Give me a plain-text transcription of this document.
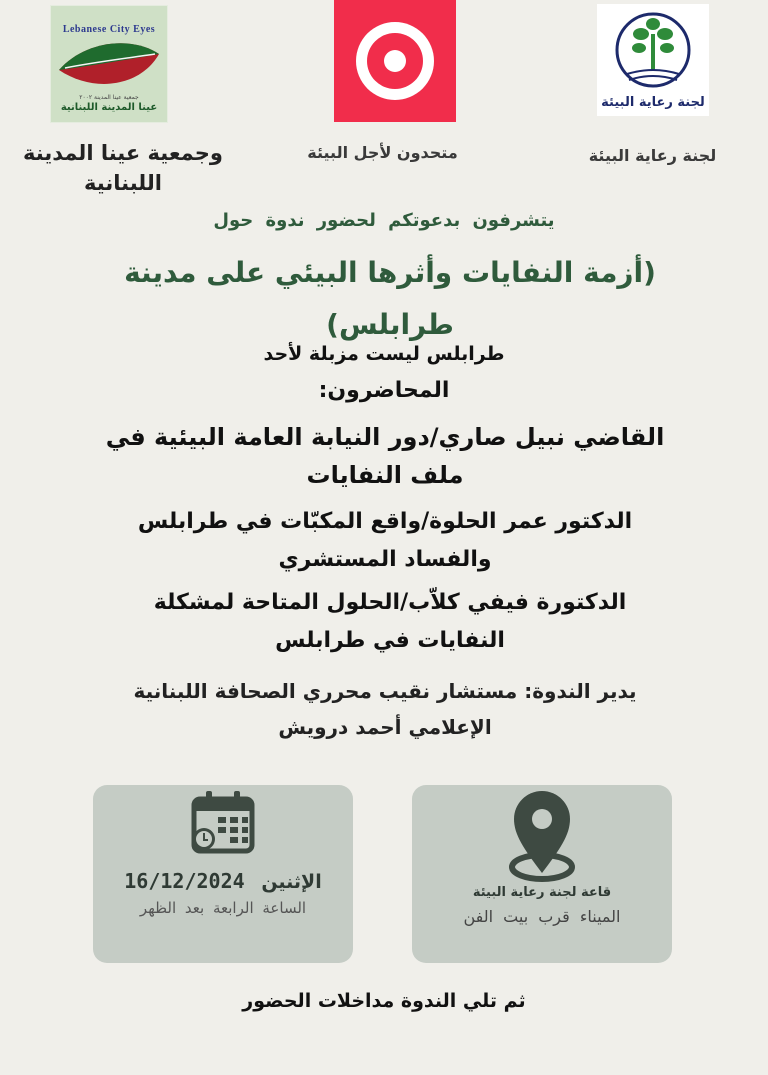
Lebanese City Eyes
جمعية عينا المدينة ٢٠٠٢
عينا المدينة اللبنانية	لجنة رعاية البيئة
وجمعية عينا المدينة اللبنانية
متحدون لأجل البيئة	لجنة رعاية البيئة
يتشرفون بدعوتكم لحضور ندوة حول
(أزمة النفايات وأثرها البيئي على مدينة طرابلس)
طرابلس ليست مزبلة لأحد
المحاضرون:
القاضي نبيل صاري/دور النيابة العامة البيئية في ملف النفايات
الدكتور عمر الحلوة/واقع المكبّات في طرابلس والفساد المستشري
الدكتورة فيفي كلاّب/الحلول المتاحة لمشكلة النفايات في طرابلس
يدير الندوة: مستشار نقيب محرري الصحافة اللبنانية الإعلامي أحمد درويش
الإثنين 16/12/2024
الساعة الرابعة بعد الظهر
قاعة لجنة رعاية البيئة
الميناء قرب بيت الفن
ثم تلي الندوة مداخلات الحضور
